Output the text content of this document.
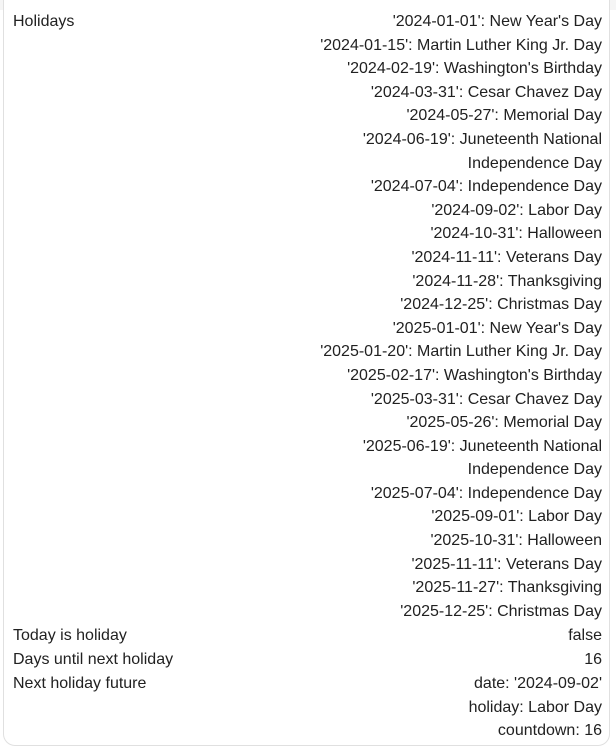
Holidays	'2024-01-01': New Year's Day
'2024-01-15': Martin Luther King Jr. Day
'2024-02-19': Washington's Birthday
'2024-03-31': Cesar Chavez Day
'2024-05-27': Memorial Day
'2024-06-19': Juneteenth National
Independence Day
'2024-07-04': Independence Day
'2024-09-02': Labor Day
'2024-10-31': Halloween
'2024-11-11': Veterans Day
'2024-11-28': Thanksgiving
'2024-12-25': Christmas Day
'2025-01-01': New Year's Day
'2025-01-20': Martin Luther King Jr. Day
'2025-02-17': Washington's Birthday
'2025-03-31': Cesar Chavez Day
'2025-05-26': Memorial Day
'2025-06-19': Juneteenth National
Independence Day
'2025-07-04': Independence Day
'2025-09-01': Labor Day
'2025-10-31': Halloween
'2025-11-11': Veterans Day
'2025-11-27': Thanksgiving
'2025-12-25': Christmas Day
Today is holiday	false
Days until next holiday	16
Next holiday future	date: '2024-09-02'
holiday: Labor Day
countdown: 16
